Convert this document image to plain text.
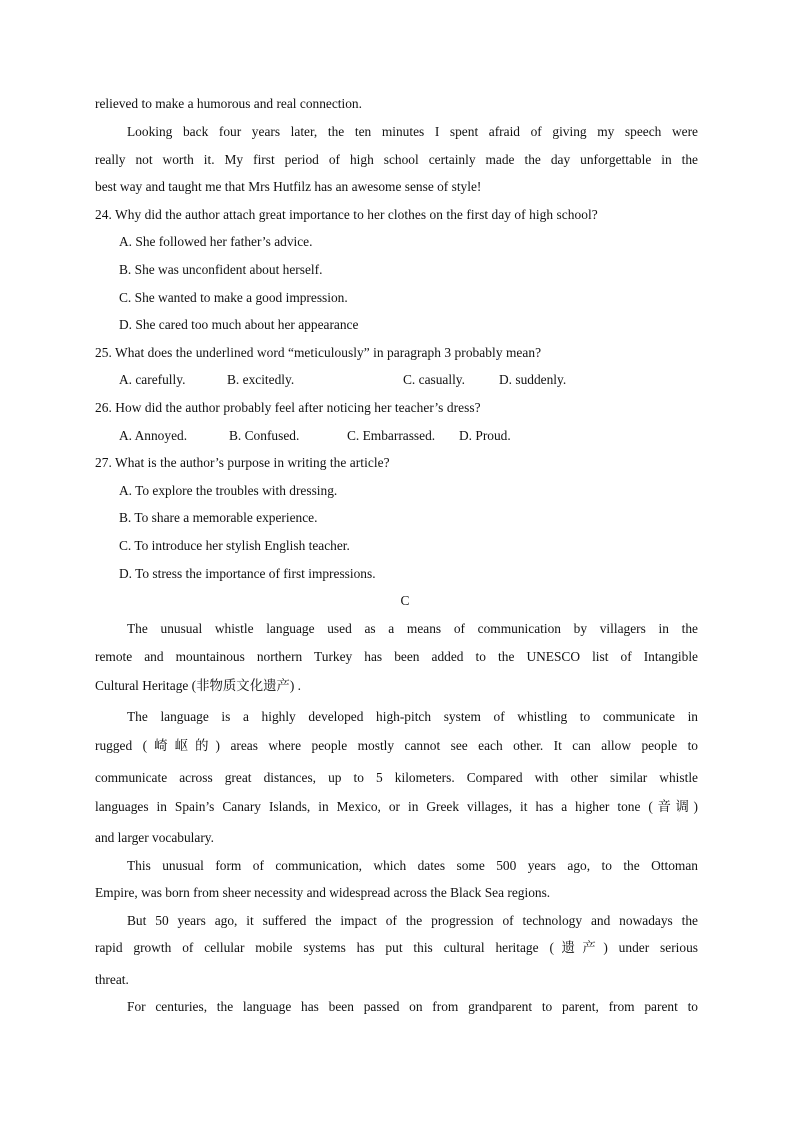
relieved to make a humorous and real connection.
Looking back four years later, the ten minutes I spent afraid of giving my speech were
really not worth it. My first period of high school certainly made the day unforgettable in the
best way and taught me that Mrs Hutfilz has an awesome sense of style!
24. Why did the author attach great importance to her clothes on the first day of high school?
A. She followed her father’s advice.
B. She was unconfident about herself.
C. She wanted to make a good impression.
D. She cared too much about her appearance
25. What does the underlined word “meticulously” in paragraph 3 probably mean?
A. carefully.	B. excitedly.	C. casually.	D. suddenly.
26. How did the author probably feel after noticing her teacher’s dress?
A. Annoyed.	B. Confused.	C. Embarrassed. D. Proud.
27. What is the author’s purpose in writing the article?
A. To explore the troubles with dressing.
B. To share a memorable experience.
C. To introduce her stylish English teacher.
D. To stress the importance of first impressions.
C
The unusual whistle language used as a means of communication by villagers in the
remote and mountainous northern Turkey has been added to the UNESCO list of Intangible
Cultural Heritage (非物质文化遗产) .
The language is a highly developed high-pitch system of whistling to communicate in
rugged (崎岖的) areas where people mostly cannot see each other. It can allow people to
communicate across great distances, up to 5 kilometers. Compared with other similar whistle
languages in Spain’s Canary Islands, in Mexico, or in Greek villages, it has a higher tone (音调)
and larger vocabulary.
This unusual form of communication, which dates some 500 years ago, to the Ottoman
Empire, was born from sheer necessity and widespread across the Black Sea regions.
But 50 years ago, it suffered the impact of the progression of technology and nowadays the
rapid growth of cellular mobile systems has put this cultural heritage (遗产) under serious
threat.
For centuries, the language has been passed on from grandparent to parent, from parent to
